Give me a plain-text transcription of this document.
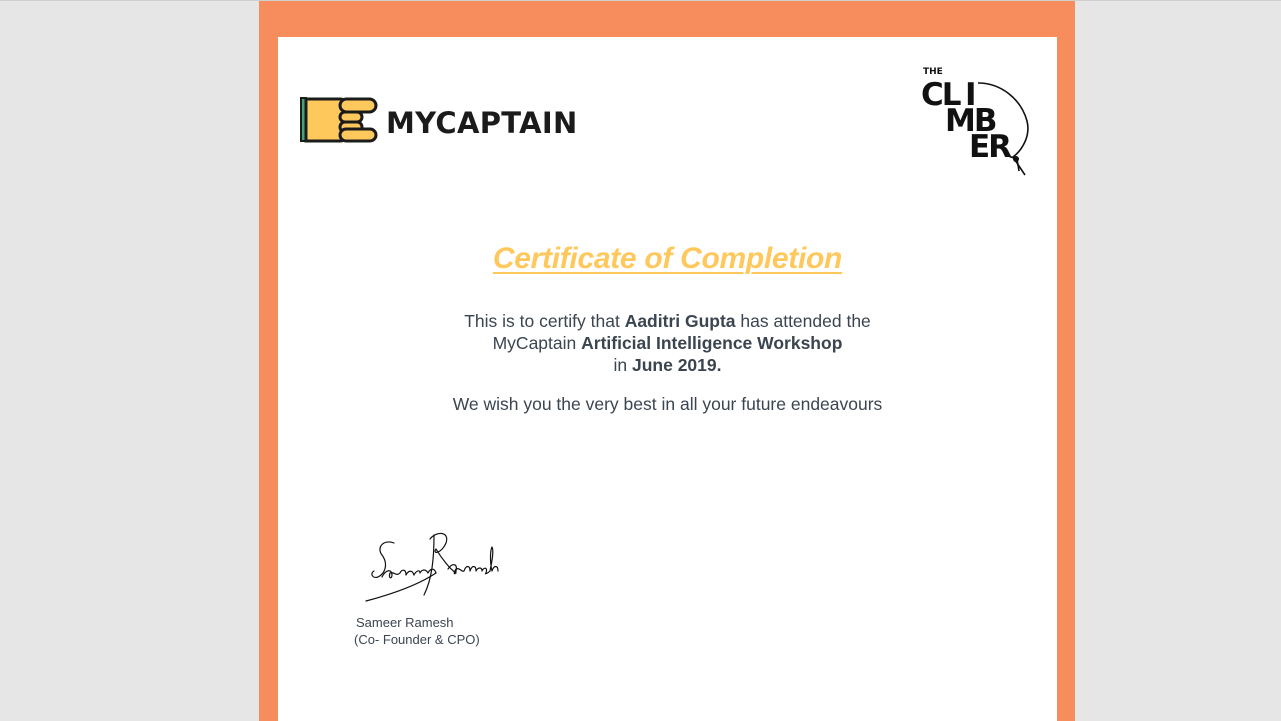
MYCAPTAIN
THE
CL I
MB
ER
Certificate of Completion
This is to certify that Aaditri Gupta has attended the
MyCaptain Artificial Intelligence Workshop
in June 2019.
We wish you the very best in all your future endeavours
Sameer Ramesh
(Co- Founder & CPO)
